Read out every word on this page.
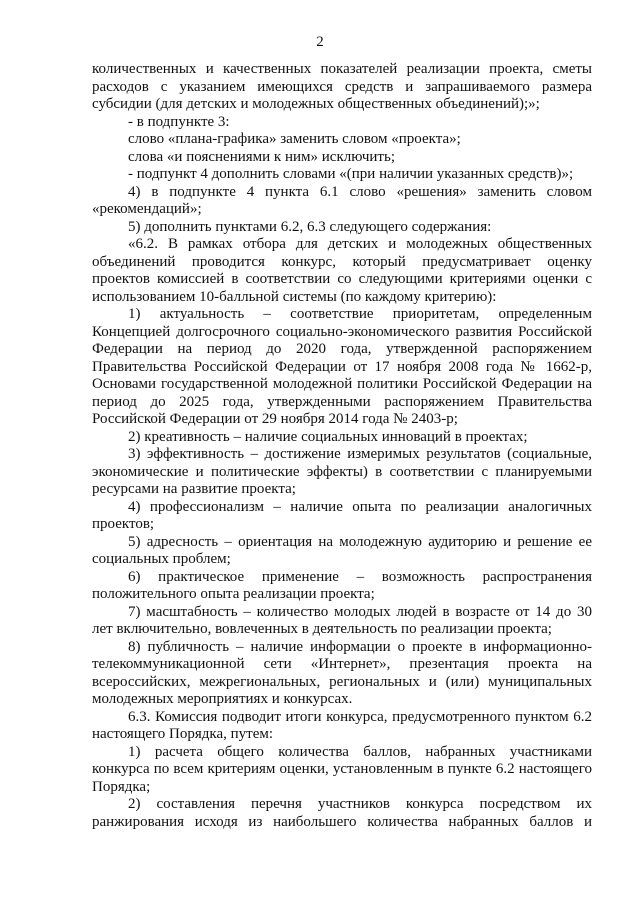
2
количественных и качественных показателей реализации проекта, сметы
расходов с указанием имеющихся средств и запрашиваемого размера
субсидии (для детских и молодежных общественных объединений);»;
- в подпункте 3:
слово «плана-графика» заменить словом «проекта»;
слова «и пояснениями к ним» исключить;
- подпункт 4 дополнить словами «(при наличии указанных средств)»;
4) в подпункте 4 пункта 6.1 слово «решения» заменить словом
«рекомендаций»;
5) дополнить пунктами 6.2, 6.3 следующего содержания:
«6.2. В рамках отбора для детских и молодежных общественных
объединений проводится конкурс, который предусматривает оценку
проектов комиссией в соответствии со следующими критериями оценки с
использованием 10-балльной системы (по каждому критерию):
1) актуальность – соответствие приоритетам, определенным
Концепцией долгосрочного социально-экономического развития Российской
Федерации на период до 2020 года, утвержденной распоряжением
Правительства Российской Федерации от 17 ноября 2008 года № 1662-р,
Основами государственной молодежной политики Российской Федерации на
период до 2025 года, утвержденными распоряжением Правительства
Российской Федерации от 29 ноября 2014 года № 2403-р;
2) креативность – наличие социальных инноваций в проектах;
3) эффективность – достижение измеримых результатов (социальные,
экономические и политические эффекты) в соответствии с планируемыми
ресурсами на развитие проекта;
4) профессионализм – наличие опыта по реализации аналогичных
проектов;
5) адресность – ориентация на молодежную аудиторию и решение ее
социальных проблем;
6) практическое применение – возможность распространения
положительного опыта реализации проекта;
7) масштабность – количество молодых людей в возрасте от 14 до 30
лет включительно, вовлеченных в деятельность по реализации проекта;
8) публичность – наличие информации о проекте в информационно-
телекоммуникационной сети «Интернет», презентация проекта на
всероссийских, межрегиональных, региональных и (или) муниципальных
молодежных мероприятиях и конкурсах.
6.3. Комиссия подводит итоги конкурса, предусмотренного пунктом 6.2
настоящего Порядка, путем:
1) расчета общего количества баллов, набранных участниками
конкурса по всем критериям оценки, установленным в пункте 6.2 настоящего
Порядка;
2) составления перечня участников конкурса посредством их
ранжирования исходя из наибольшего количества набранных баллов и
